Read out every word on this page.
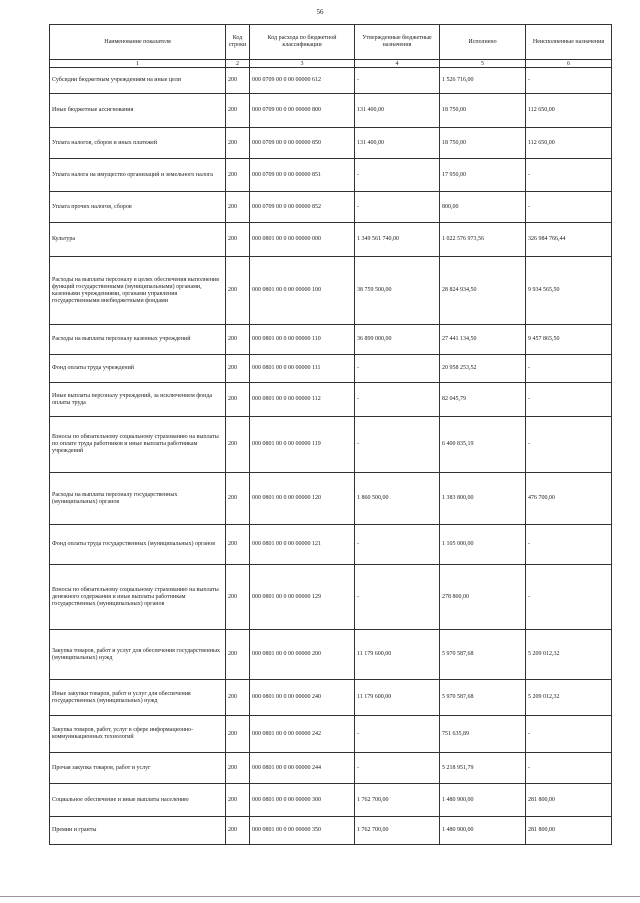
56
Наименование показателя	Код строки	Код расхода по бюджетной классификации	Утвержденные бюджетные назначения	Исполнено	Неисполненные назначения
1	2	3	4	5	6
Субсидии бюджетным учреждениям на иные цели	200	000 0709 00 0 00 00000 612	-	1 526 716,00	-
Иные бюджетные ассигнования	200	000 0709 00 0 00 00000 800	131 400,00	18 750,00	112 650,00
Уплата налогов, сборов и иных платежей	200	000 0709 00 0 00 00000 850	131 400,00	18 750,00	112 650,00
Уплата налога на имущество организаций и земельного налога	200	000 0709 00 0 00 00000 851	-	17 950,00	-
Уплата прочих налогов, сборов	200	000 0709 00 0 00 00000 852	-	800,00	-
Культура	200	000 0801 00 0 00 00000 000	1 349 561 740,00	1 022 576 973,56	326 984 766,44
Расходы на выплаты персоналу в целях обеспечения выполнения функций государственными (муниципальными) органами, казенными учреждениями, органами управления государственными внебюджетными фондами	200	000 0801 00 0 00 00000 100	38 759 500,00	28 824 934,50	9 934 565,50
Расходы на выплаты персоналу казенных учреждений	200	000 0801 00 0 00 00000 110	36 899 000,00	27 441 134,50	9 457 865,50
Фонд оплаты труда учреждений	200	000 0801 00 0 00 00000 111	-	20 958 253,52	-
Иные выплаты персоналу учреждений, за исключением фонда оплаты труда	200	000 0801 00 0 00 00000 112	-	82 045,79	-
Взносы по обязательному социальному страхованию на выплаты по оплате труда работников и иные выплаты работникам учреждений	200	000 0801 00 0 00 00000 119	-	6 400 835,19	-
Расходы на выплаты персоналу государственных (муниципальных) органов	200	000 0801 00 0 00 00000 120	1 860 500,00	1 383 800,00	476 700,00
Фонд оплаты труда государственных (муниципальных) органов	200	000 0801 00 0 00 00000 121	-	1 105 000,00	-
Взносы по обязательному социальному страхованию на выплаты денежного содержания и иные выплаты работникам государственных (муниципальных) органов	200	000 0801 00 0 00 00000 129	-	278 800,00	-
Закупка товаров, работ и услуг для обеспечения государственных (муниципальных) нужд	200	000 0801 00 0 00 00000 200	11 179 600,00	5 970 587,68	5 209 012,32
Иные закупки товаров, работ и услуг для обеспечения государственных (муниципальных) нужд	200	000 0801 00 0 00 00000 240	11 179 600,00	5 970 587,68	5 209 012,32
Закупка товаров, работ, услуг в сфере информационно-коммуникационных технологий	200	000 0801 00 0 00 00000 242	-	751 635,89	-
Прочая закупка товаров, работ и услуг	200	000 0801 00 0 00 00000 244	-	5 218 951,79	-
Социальное обеспечение и иные выплаты населению	200	000 0801 00 0 00 00000 300	1 762 700,00	1 480 900,00	281 800,00
Премии и гранты	200	000 0801 00 0 00 00000 350	1 762 700,00	1 480 900,00	281 800,00
